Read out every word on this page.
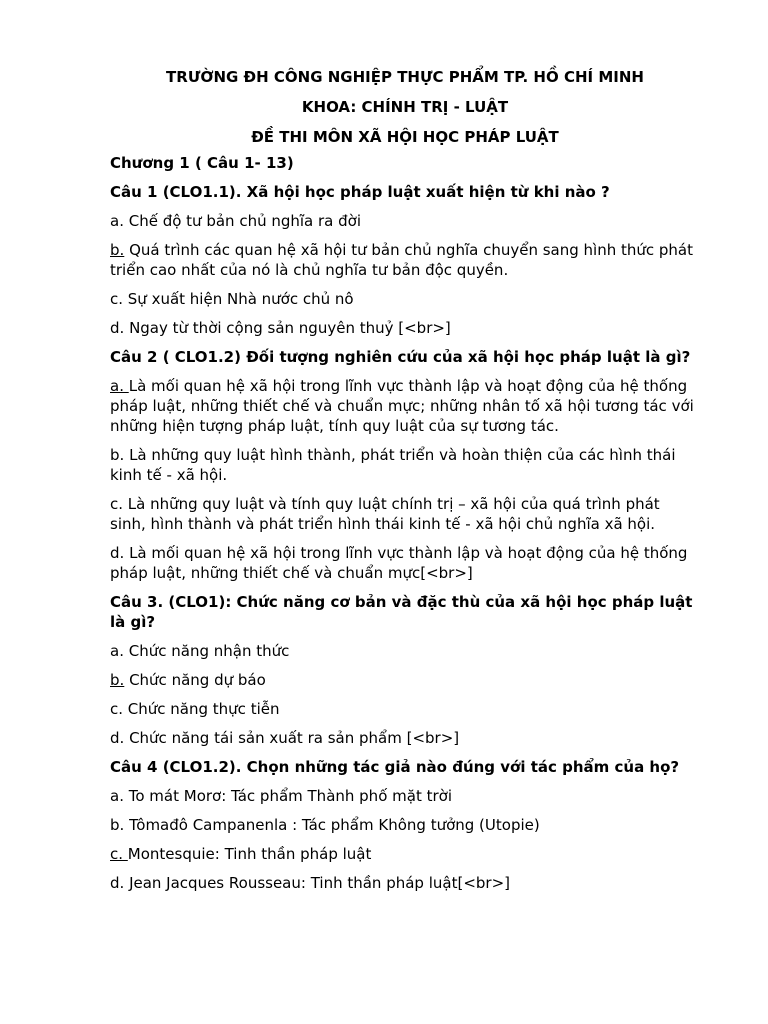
TRƯỜNG ĐH CÔNG NGHIỆP THỰC PHẨM TP. HỒ CHÍ MINH

KHOA: CHÍNH TRỊ - LUẬT

ĐỀ THI MÔN XÃ HỘI HỌC PHÁP LUẬT

Chương 1 ( Câu 1- 13)

Câu 1 (CLO1.1). Xã hội học pháp luật xuất hiện từ khi nào ?

a. Chế độ tư bản chủ nghĩa ra đời

b. Quá trình các quan hệ xã hội tư bản chủ nghĩa chuyển sang hình thức phát triển cao nhất của nó là chủ nghĩa tư bản độc quyền.

c. Sự xuất hiện Nhà nước chủ nô

d. Ngay từ thời cộng sản nguyên thuỷ [<br>]

Câu 2 ( CLO1.2) Đối tượng nghiên cứu của xã hội học pháp luật là gì?

a. Là mối quan hệ xã hội trong lĩnh vực thành lập và hoạt động của hệ thống pháp luật, những thiết chế và chuẩn mực; những nhân tố xã hội tương tác với những hiện tượng pháp luật, tính quy luật của sự tương tác.

b. Là những quy luật hình thành, phát triển và hoàn thiện của các hình thái kinh tế - xã hội.

c. Là những quy luật và tính quy luật chính trị – xã hội của quá trình phát sinh, hình thành và phát triển hình thái kinh tế - xã hội chủ nghĩa xã hội.

d. Là mối quan hệ xã hội trong lĩnh vực thành lập và hoạt động của hệ thống pháp luật, những thiết chế và chuẩn mực[<br>]

Câu 3. (CLO1): Chức năng cơ bản và đặc thù của xã hội học pháp luật là gì?

a. Chức năng nhận thức

b. Chức năng dự báo

c. Chức năng thực tiễn

d. Chức năng tái sản xuất ra sản phẩm [<br>]

Câu 4 (CLO1.2). Chọn những tác giả nào đúng với tác phẩm của họ?

a. To mát Morơ: Tác phẩm Thành phố mặt trời

b. Tômađô Campanenla : Tác phẩm Không tưởng (Utopie)

c. Montesquie: Tinh thần pháp luật

d. Jean Jacques Rousseau: Tinh thần pháp luật[<br>]
